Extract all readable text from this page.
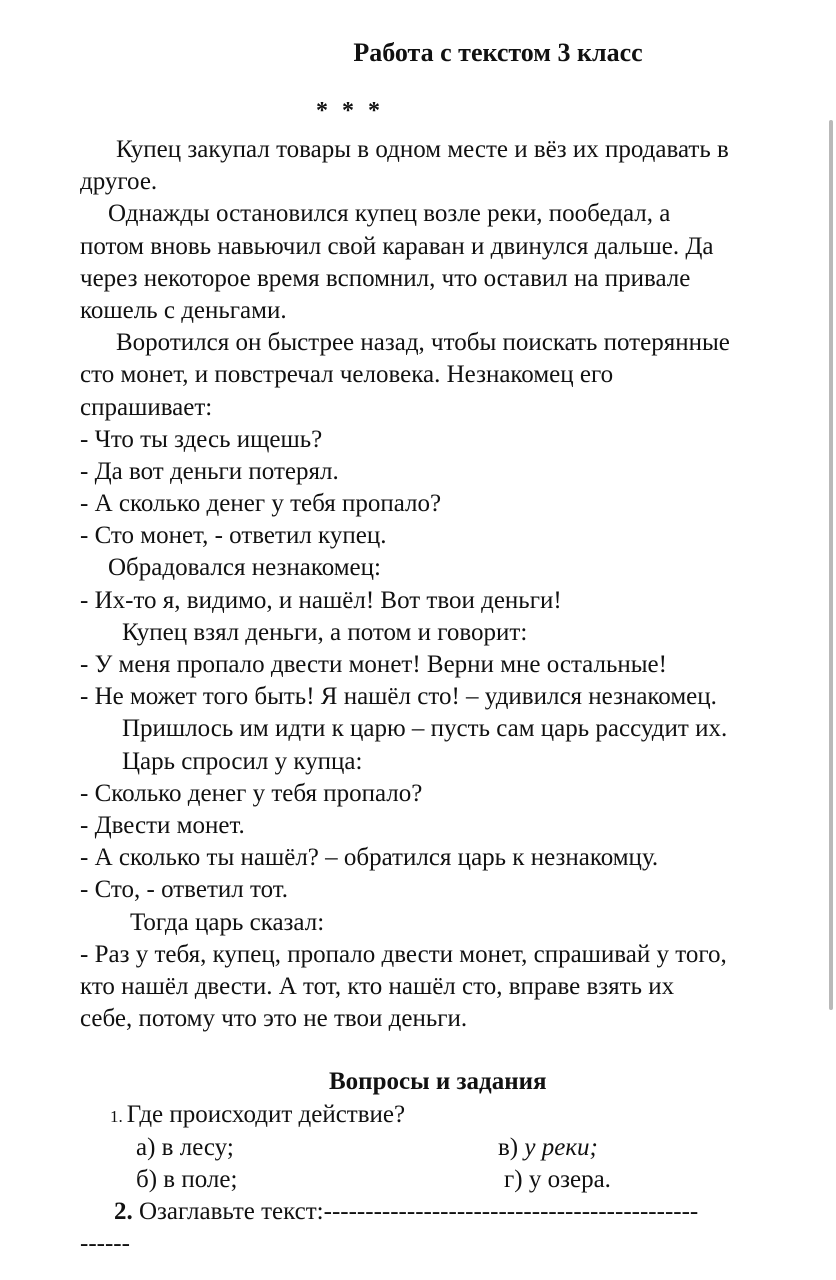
Работа с текстом 3 класс
* * *
Купец закупал товары в одном месте и вёз их продавать в
другое.
Однажды остановился купец возле реки, пообедал, а
потом вновь навьючил свой караван и двинулся дальше. Да
через некоторое время вспомнил, что оставил на привале
кошель с деньгами.
Воротился он быстрее назад, чтобы поискать потерянные
сто монет, и повстречал человека. Незнакомец его
спрашивает:
- Что ты здесь ищешь?
- Да вот деньги потерял.
- А сколько денег у тебя пропало?
- Сто монет, - ответил купец.
Обрадовался незнакомец:
- Их-то я, видимо, и нашёл! Вот твои деньги!
Купец взял деньги, а потом и говорит:
- У меня пропало двести монет! Верни мне остальные!
- Не может того быть! Я нашёл сто! – удивился незнакомец.
Пришлось им идти к царю – пусть сам царь рассудит их.
Царь спросил у купца:
- Сколько денег у тебя пропало?
- Двести монет.
- А сколько ты нашёл? – обратился царь к незнакомцу.
- Сто, - ответил тот.
Тогда царь сказал:
- Раз у тебя, купец, пропало двести монет, спрашивай у того,
кто нашёл двести. А тот, кто нашёл сто, вправе взять их
себе, потому что это не твои деньги.
Вопросы и задания
1. Где происходит действие?
а) в лесу;	в) у реки;
б) в поле;	г) у озера.
2. Озаглавьте текст:---------------------------------------------
------
